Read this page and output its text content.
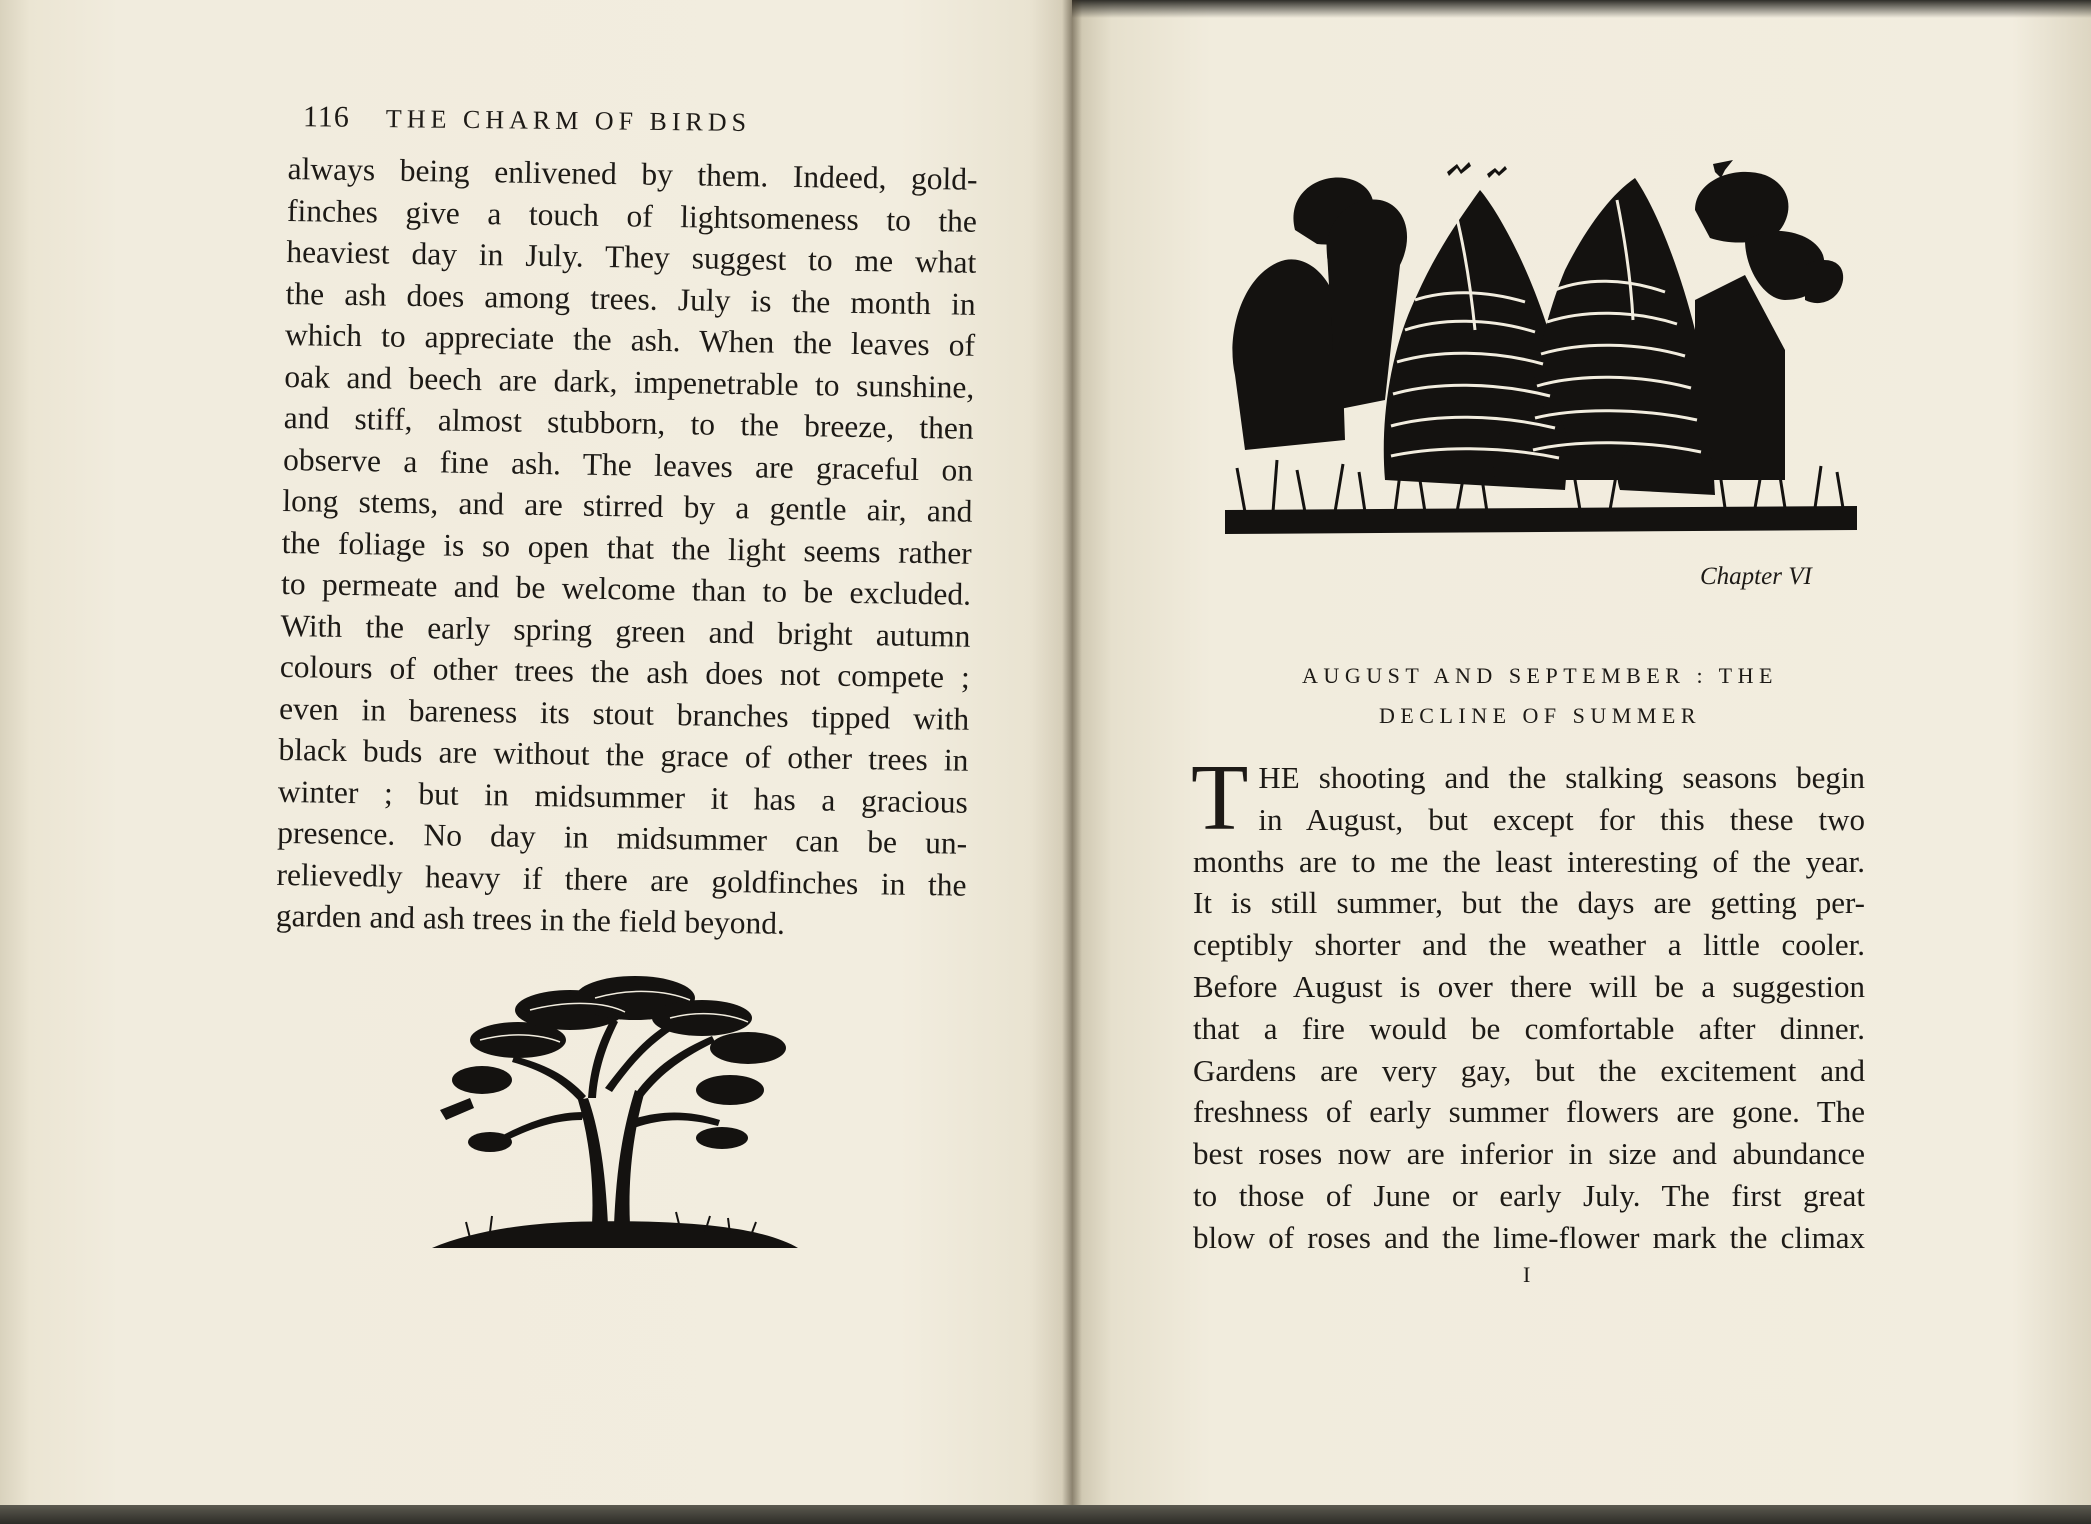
116 THE CHARM OF BIRDS
always being enlivened by them. Indeed, gold-
finches give a touch of lightsomeness to the
heaviest day in July. They suggest to me what
the ash does among trees. July is the month in
which to appreciate the ash. When the leaves of
oak and beech are dark, impenetrable to sunshine,
and stiff, almost stubborn, to the breeze, then
observe a fine ash. The leaves are graceful on
long stems, and are stirred by a gentle air, and
the foliage is so open that the light seems rather
to permeate and be welcome than to be excluded.
With the early spring green and bright autumn
colours of other trees the ash does not compete ;
even in bareness its stout branches tipped with
black buds are without the grace of other trees in
winter ; but in midsummer it has a gracious
presence. No day in midsummer can be un-
relievedly heavy if there are goldfinches in the
garden and ash trees in the field beyond.
Chapter VI
AUGUST AND SEPTEMBER : THE
DECLINE OF SUMMER
T HE shooting and the stalking seasons begin
in August, but except for this these two
months are to me the least interesting of the year.
It is still summer, but the days are getting per-
ceptibly shorter and the weather a little cooler.
Before August is over there will be a suggestion
that a fire would be comfortable after dinner.
Gardens are very gay, but the excitement and
freshness of early summer flowers are gone. The
best roses now are inferior in size and abundance
to those of June or early July. The first great
blow of roses and the lime-flower mark the climax
I
